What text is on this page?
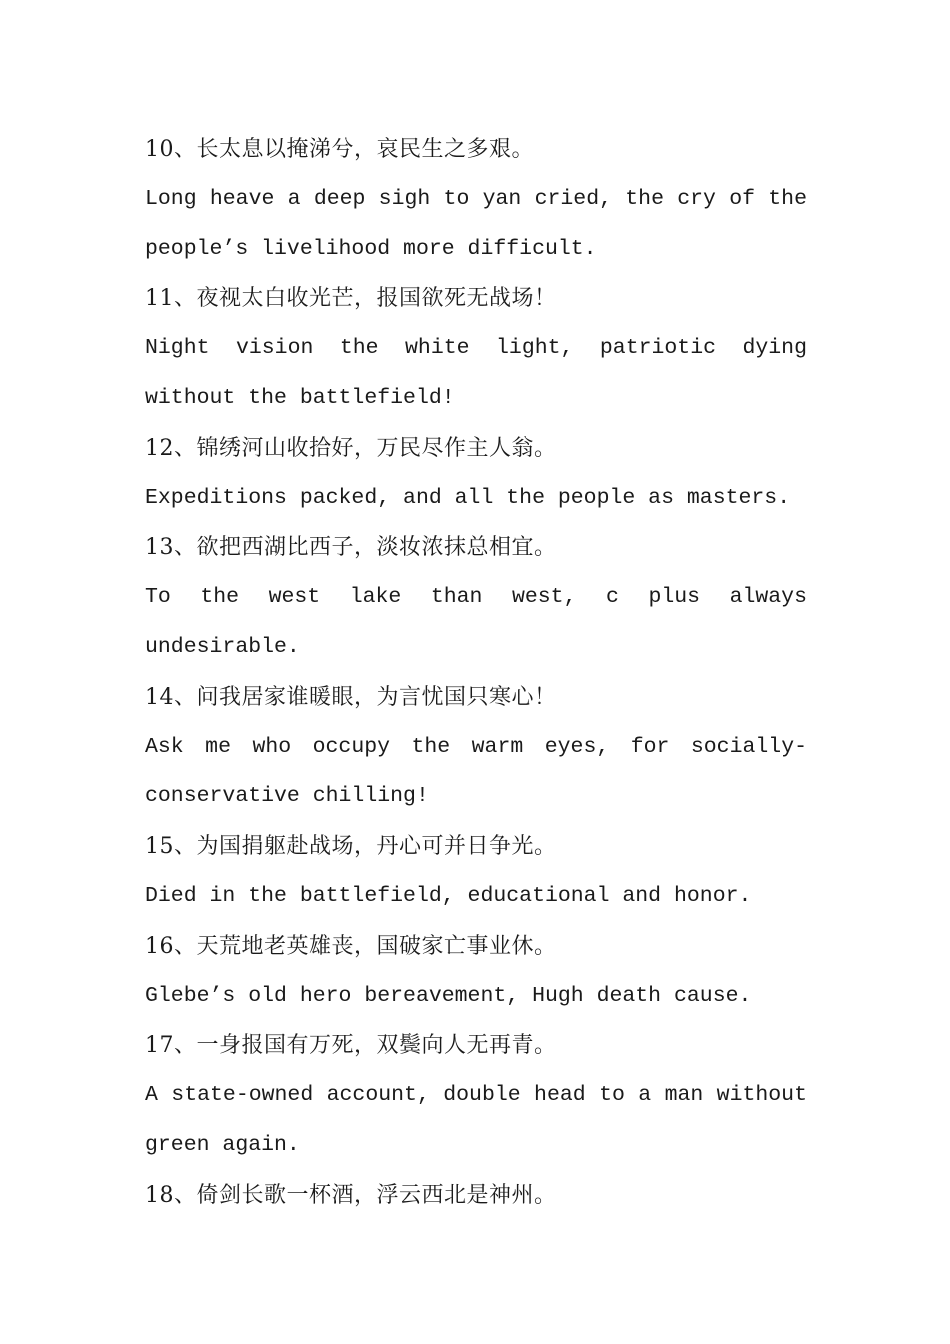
10、长太息以掩涕兮，哀民生之多艰。
Long heave a deep sigh to yan cried, the cry of the
people’s livelihood more difficult.
11、夜视太白收光芒，报国欲死无战场！
Night vision the white light, patriotic dying
without the battlefield!
12、锦绣河山收拾好，万民尽作主人翁。
Expeditions packed, and all the people as masters.
13、欲把西湖比西子，淡妆浓抹总相宜。
To the west lake than west, c plus always
undesirable.
14、问我居家谁暖眼，为言忧国只寒心！
Ask me who occupy the warm eyes, for socially-
conservative chilling!
15、为国捐躯赴战场，丹心可并日争光。
Died in the battlefield, educational and honor.
16、天荒地老英雄丧，国破家亡事业休。
Glebe’s old hero bereavement, Hugh death cause.
17、一身报国有万死，双鬓向人无再青。
A state-owned account, double head to a man without
green again.
18、倚剑长歌一杯酒，浮云西北是神州。
